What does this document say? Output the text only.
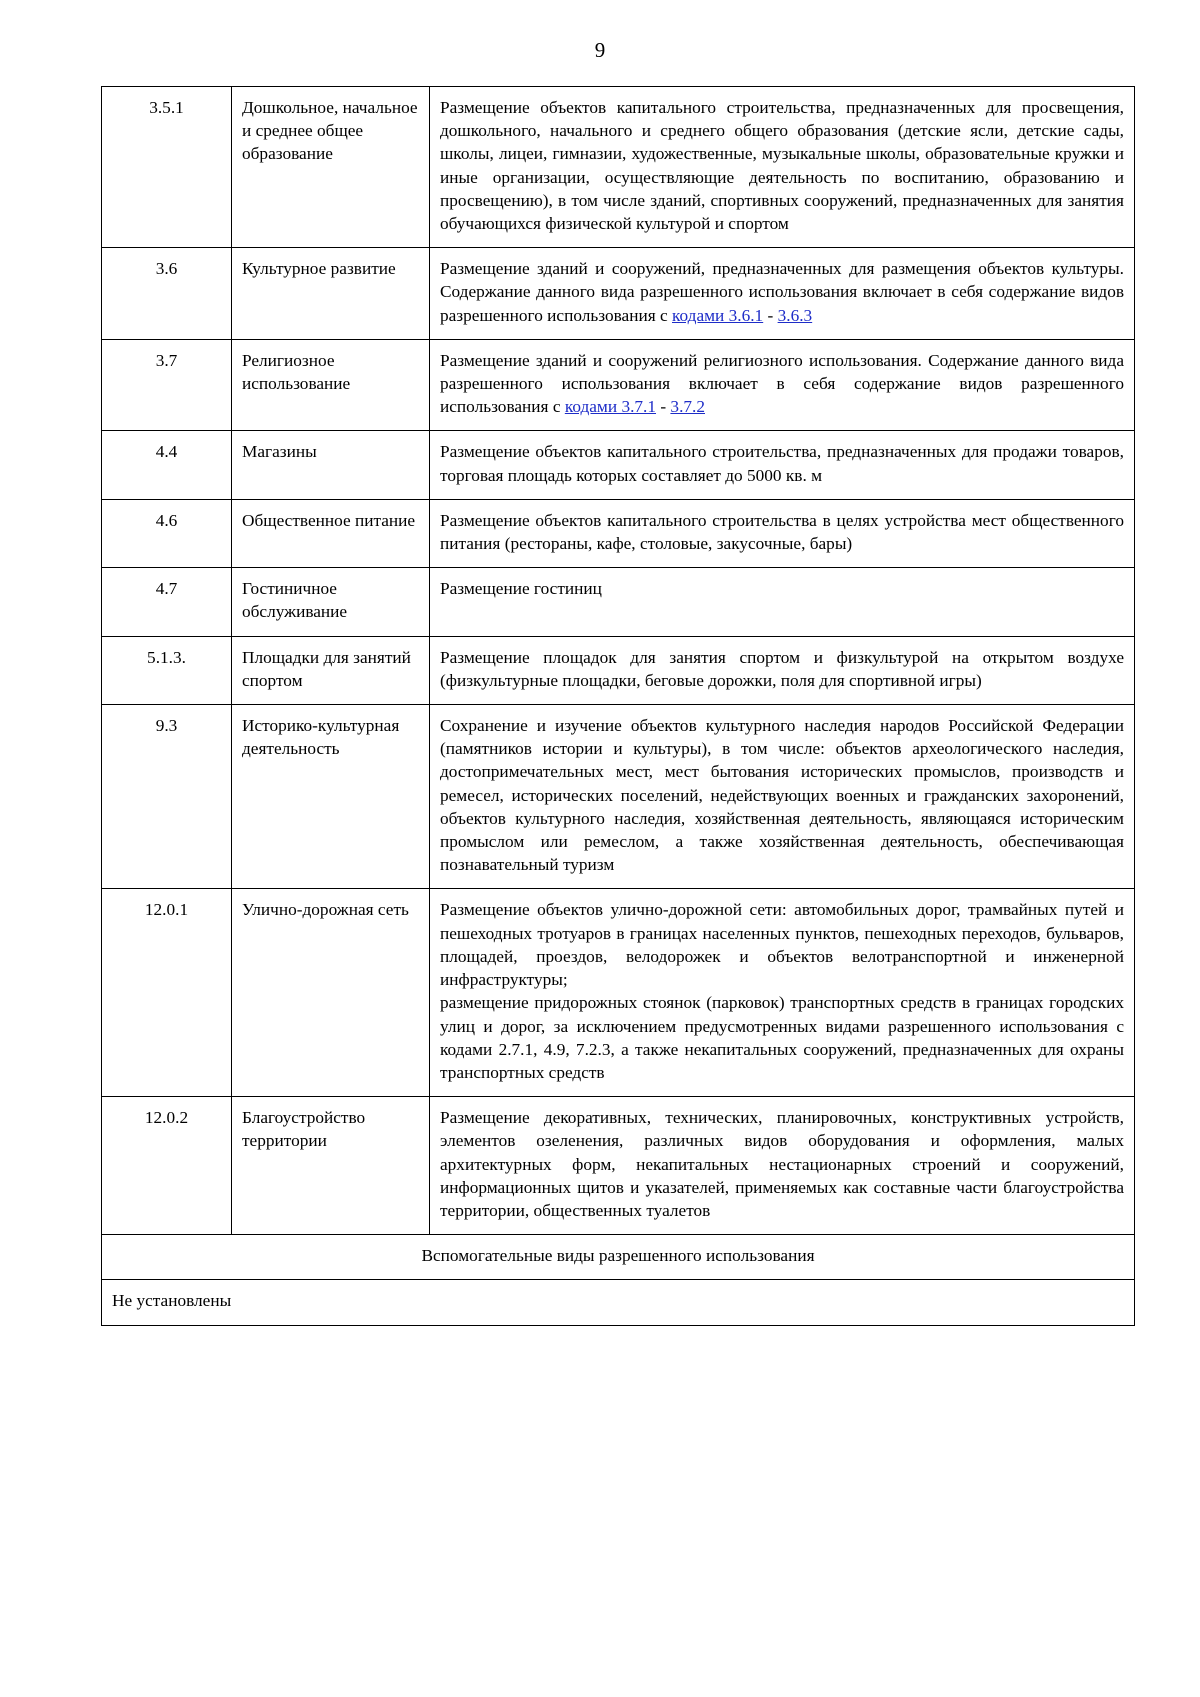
9
3.5.1	Дошкольное, начальное и среднее общее образование	Размещение объектов капитального строительства, предназначенных для просвещения, дошкольного, начального и среднего общего образования (детские ясли, детские сады, школы, лицеи, гимназии, художественные, музыкальные школы, образовательные кружки и иные организации, осуществляющие деятельность по воспитанию, образованию и просвещению), в том числе зданий, спортивных сооружений, предназначенных для занятия обучающихся физической культурой и спортом
3.6	Культурное развитие	Размещение зданий и сооружений, предназначенных для размещения объектов культуры. Содержание данного вида разрешенного использования включает в себя содержание видов разрешенного использования с кодами 3.6.1 - 3.6.3
3.7	Религиозное использование	Размещение зданий и сооружений религиозного использования. Содержание данного вида разрешенного использования включает в себя содержание видов разрешенного использования с кодами 3.7.1 - 3.7.2
4.4	Магазины	Размещение объектов капитального строительства, предназначенных для продажи товаров, торговая площадь которых составляет до 5000 кв. м
4.6	Общественное питание	Размещение объектов капитального строительства в целях устройства мест общественного питания (рестораны, кафе, столовые, закусочные, бары)
4.7	Гостиничное обслуживание	Размещение гостиниц
5.1.3.	Площадки для занятий спортом	Размещение площадок для занятия спортом и физкультурой на открытом воздухе (физкультурные площадки, беговые дорожки, поля для спортивной игры)
9.3	Историко-культурная деятельность	Сохранение и изучение объектов культурного наследия народов Российской Федерации (памятников истории и культуры), в том числе: объектов археологического наследия, достопримечательных мест, мест бытования исторических промыслов, производств и ремесел, исторических поселений, недействующих военных и гражданских захоронений, объектов культурного наследия, хозяйственная деятельность, являющаяся историческим промыслом или ремеслом, а также хозяйственная деятельность, обеспечивающая познавательный туризм
12.0.1	Улично-дорожная сеть	Размещение объектов улично-дорожной сети: автомобильных дорог, трамвайных путей и пешеходных тротуаров в границах населенных пунктов, пешеходных переходов, бульваров, площадей, проездов, велодорожек и объектов велотранспортной и инженерной инфраструктуры;
размещение придорожных стоянок (парковок) транспортных средств в границах городских улиц и дорог, за исключением предусмотренных видами разрешенного использования с кодами 2.7.1, 4.9, 7.2.3, а также некапитальных сооружений, предназначенных для охраны транспортных средств

12.0.2	Благоустройство территории	Размещение декоративных, технических, планировочных, конструктивных устройств, элементов озеленения, различных видов оборудования и оформления, малых архитектурных форм, некапитальных нестационарных строений и сооружений, информационных щитов и указателей, применяемых как составные части благоустройства территории, общественных туалетов
Вспомогательные виды разрешенного использования		
Не установлены		
